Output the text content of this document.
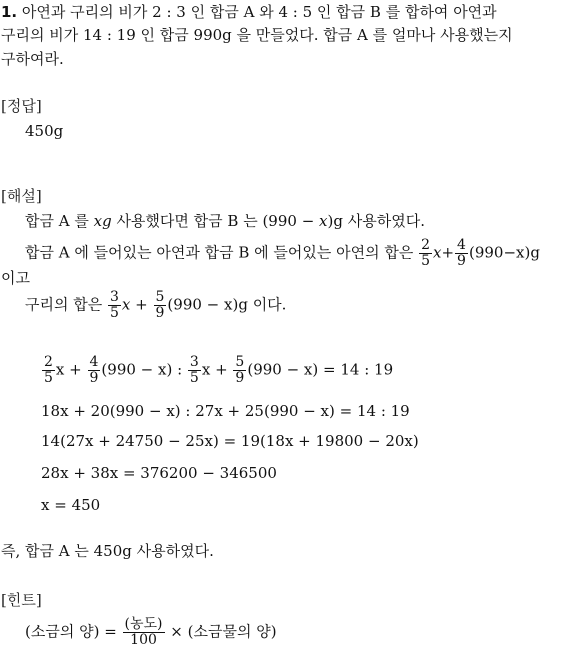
1. 아연과 구리의 비가 2 : 3 인 합금 A 와 4 : 5 인 합금 B 를 합하여 아연과
구리의 비가 14 : 19 인 합금 990g 을 만들었다. 합금 A 를 얼마나 사용했는지
구하여라.
[정답]
450g
[해설]
합금 A 를 xg 사용했다면 합금 B 는 (990 − x)g 사용하였다.
합금 A 에 들어있는 아연과 합금 B 에 들어있는 아연의 합은 $\frac{2}{5} x+ \frac{4}{9} (990-x)g$
이고
구리의 합은 $\frac{3}{5}$ $x + \frac{5}{9} (990 - x)g$ 이다.
$\frac{2}{5}$ $x + \frac{4}{9} (990 - x)$ : $\frac{3}{5}$ $x + \frac{5}{9} (990 - x) = 14$ : 19
18x + 20(990 − x) : 27x + 25(990 − x) = 14 : 19
14(27x + 24750 − 25x) = 19(18x + 19800 − 20x)
28x + 38x = 376200 − 346500
x = 450
즉, 합금 A 는 450g 사용하였다.
[힌트]
(소금의 양) = $\frac{\text{(농도)}}{100}$ × (소금물의 양)
